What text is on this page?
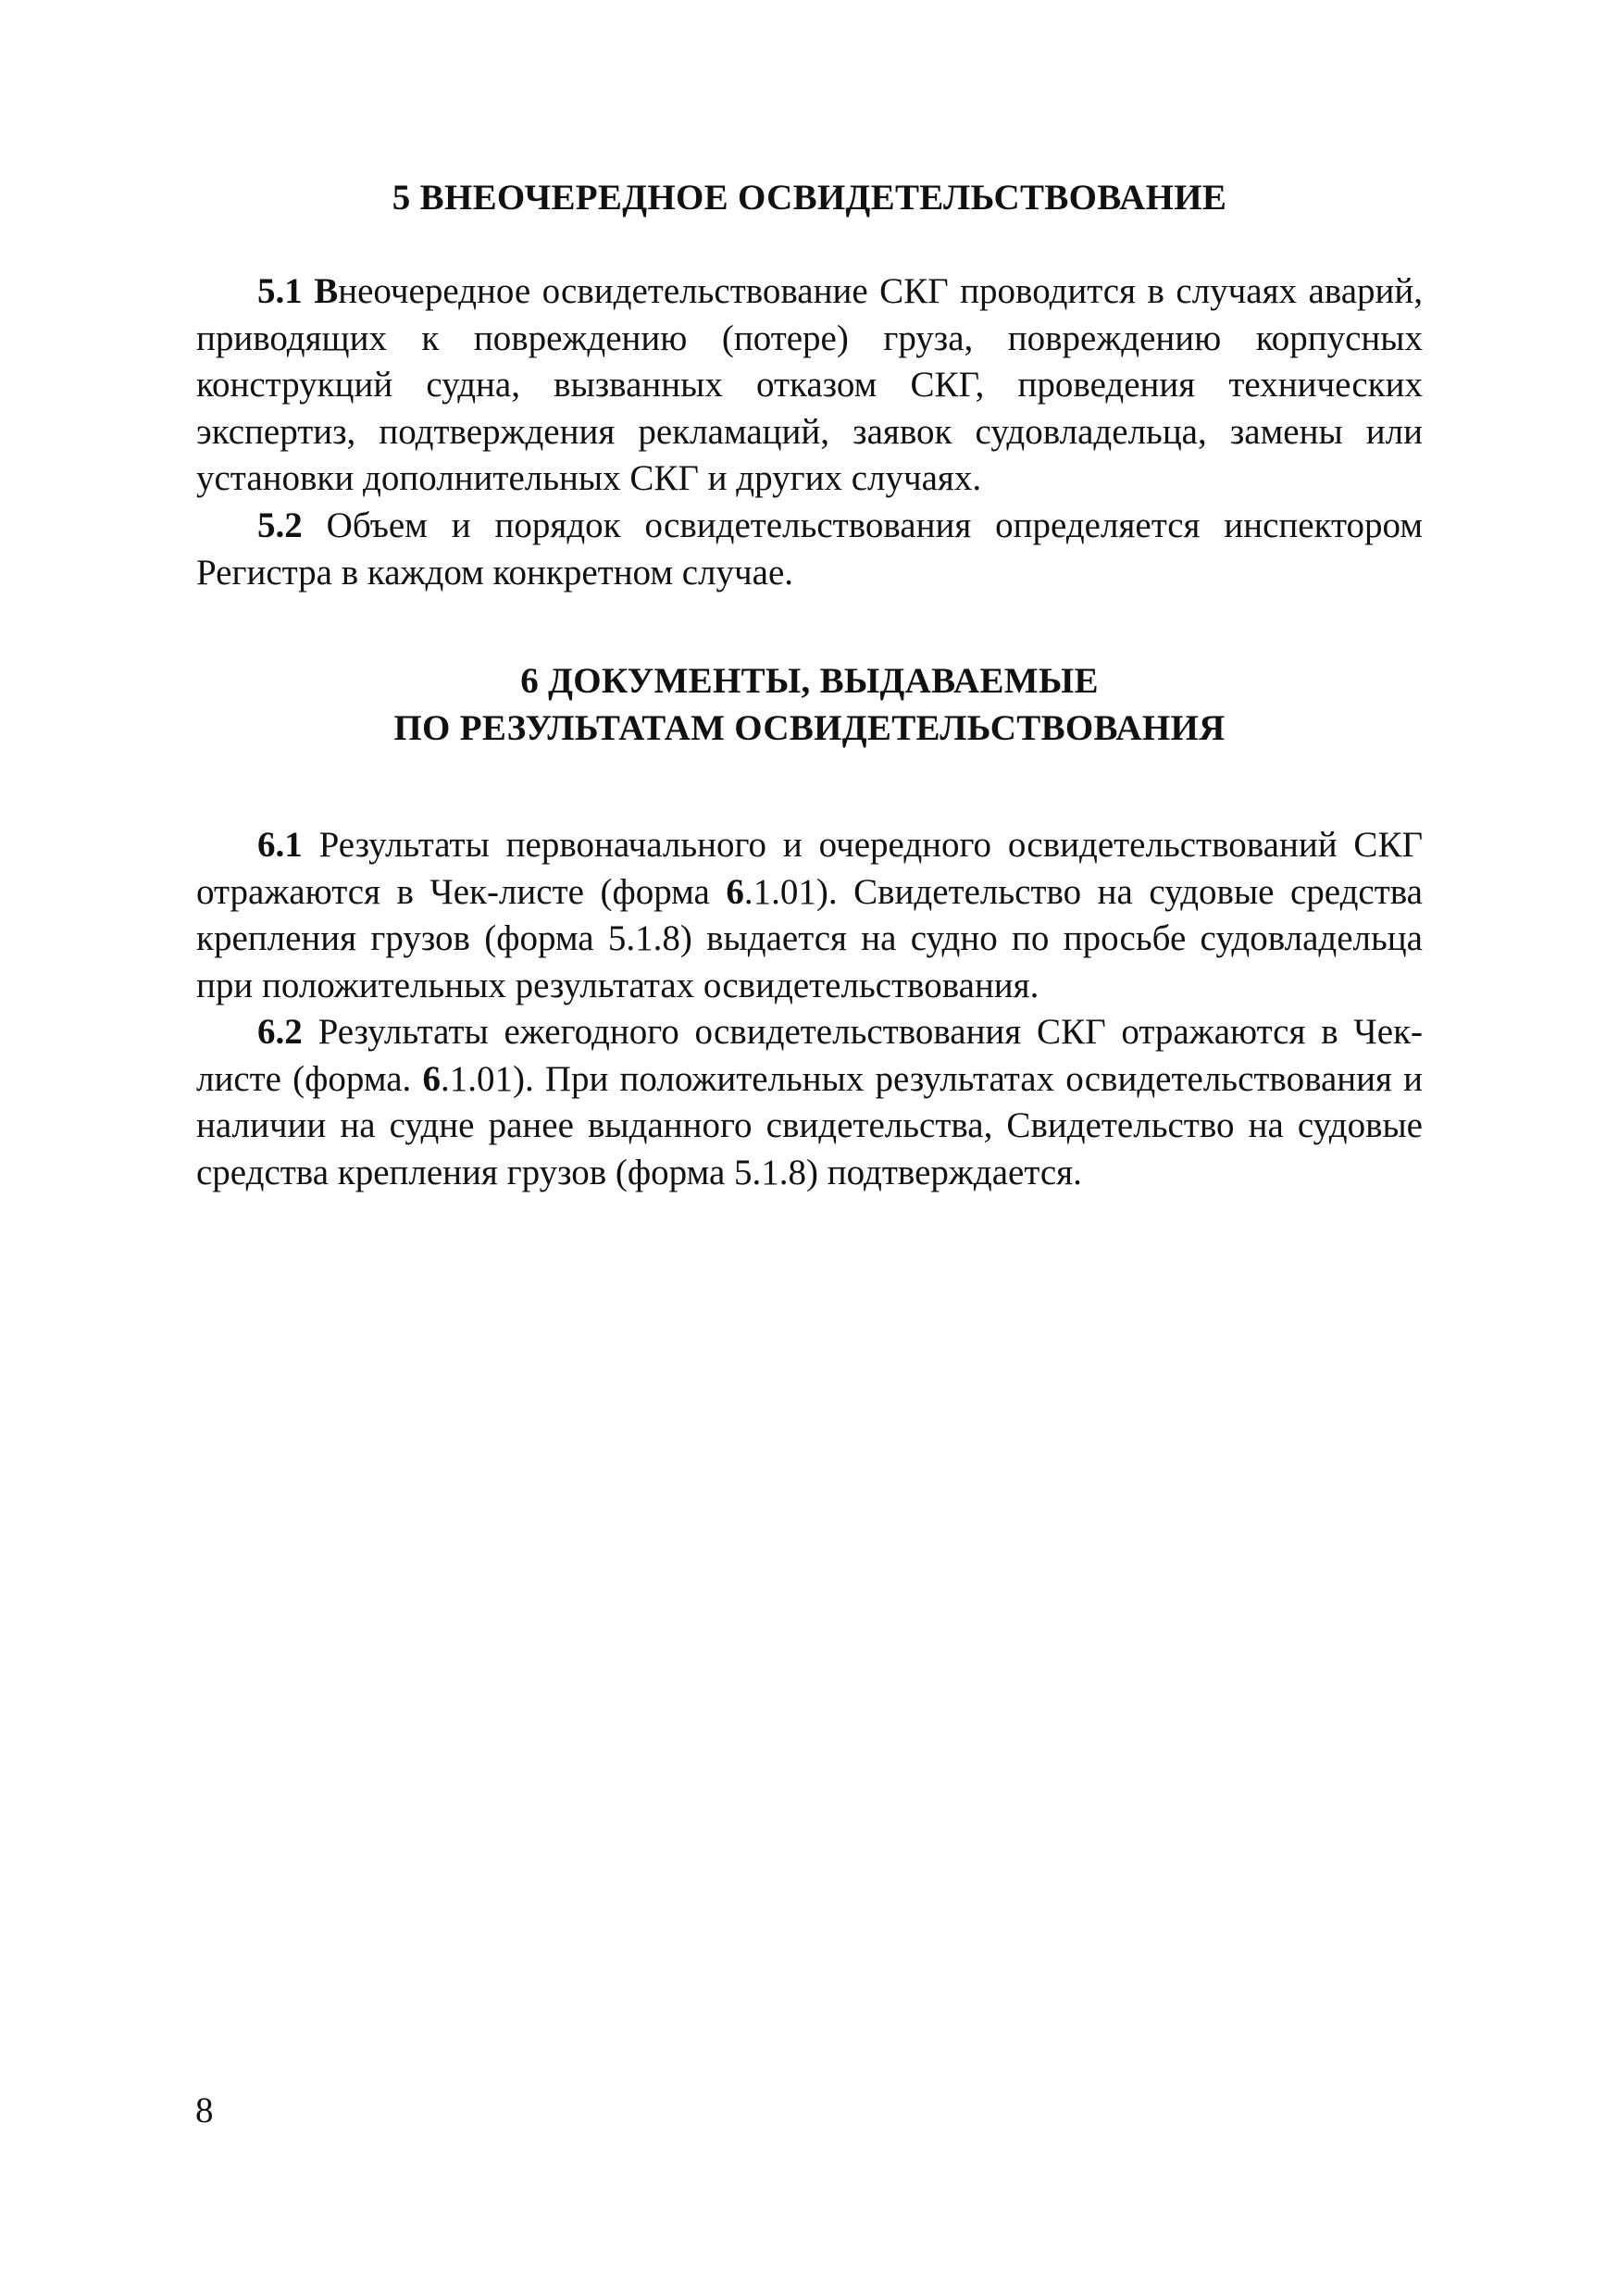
5 ВНЕОЧЕРЕДНОЕ ОСВИДЕТЕЛЬСТВОВАНИЕ

5.1 Внеочередное освидетельствование СКГ проводится в случаях аварий, приводящих к повреждению (потере) груза, повреждению корпусных конструкций судна, вызванных отказом СКГ, проведения технических экспертиз, подтверждения рекламаций, заявок судовладельца, замены или установки дополнительных СКГ и других случаях.

5.2 Объем и порядок освидетельствования определяется инспектором Регистра в каждом конкретном случае.

6 ДОКУМЕНТЫ, ВЫДАВАЕМЫЕ
ПО РЕЗУЛЬТАТАМ ОСВИДЕТЕЛЬСТВОВАНИЯ

6.1 Результаты первоначального и очередного освидетельствований СКГ отражаются в Чек-листе (форма 6.1.01). Свидетельство на судовые средства крепления грузов (форма 5.1.8) выдается на судно по просьбе судовладельца при положительных результатах освидетельствования.

6.2 Результаты ежегодного освидетельствования СКГ отражаются в Чек-листе (форма. 6.1.01). При положительных результатах освидетельствования и наличии на судне ранее выданного свидетельства, Свидетельство на судовые средства крепления грузов (форма 5.1.8) подтверждается.

8
